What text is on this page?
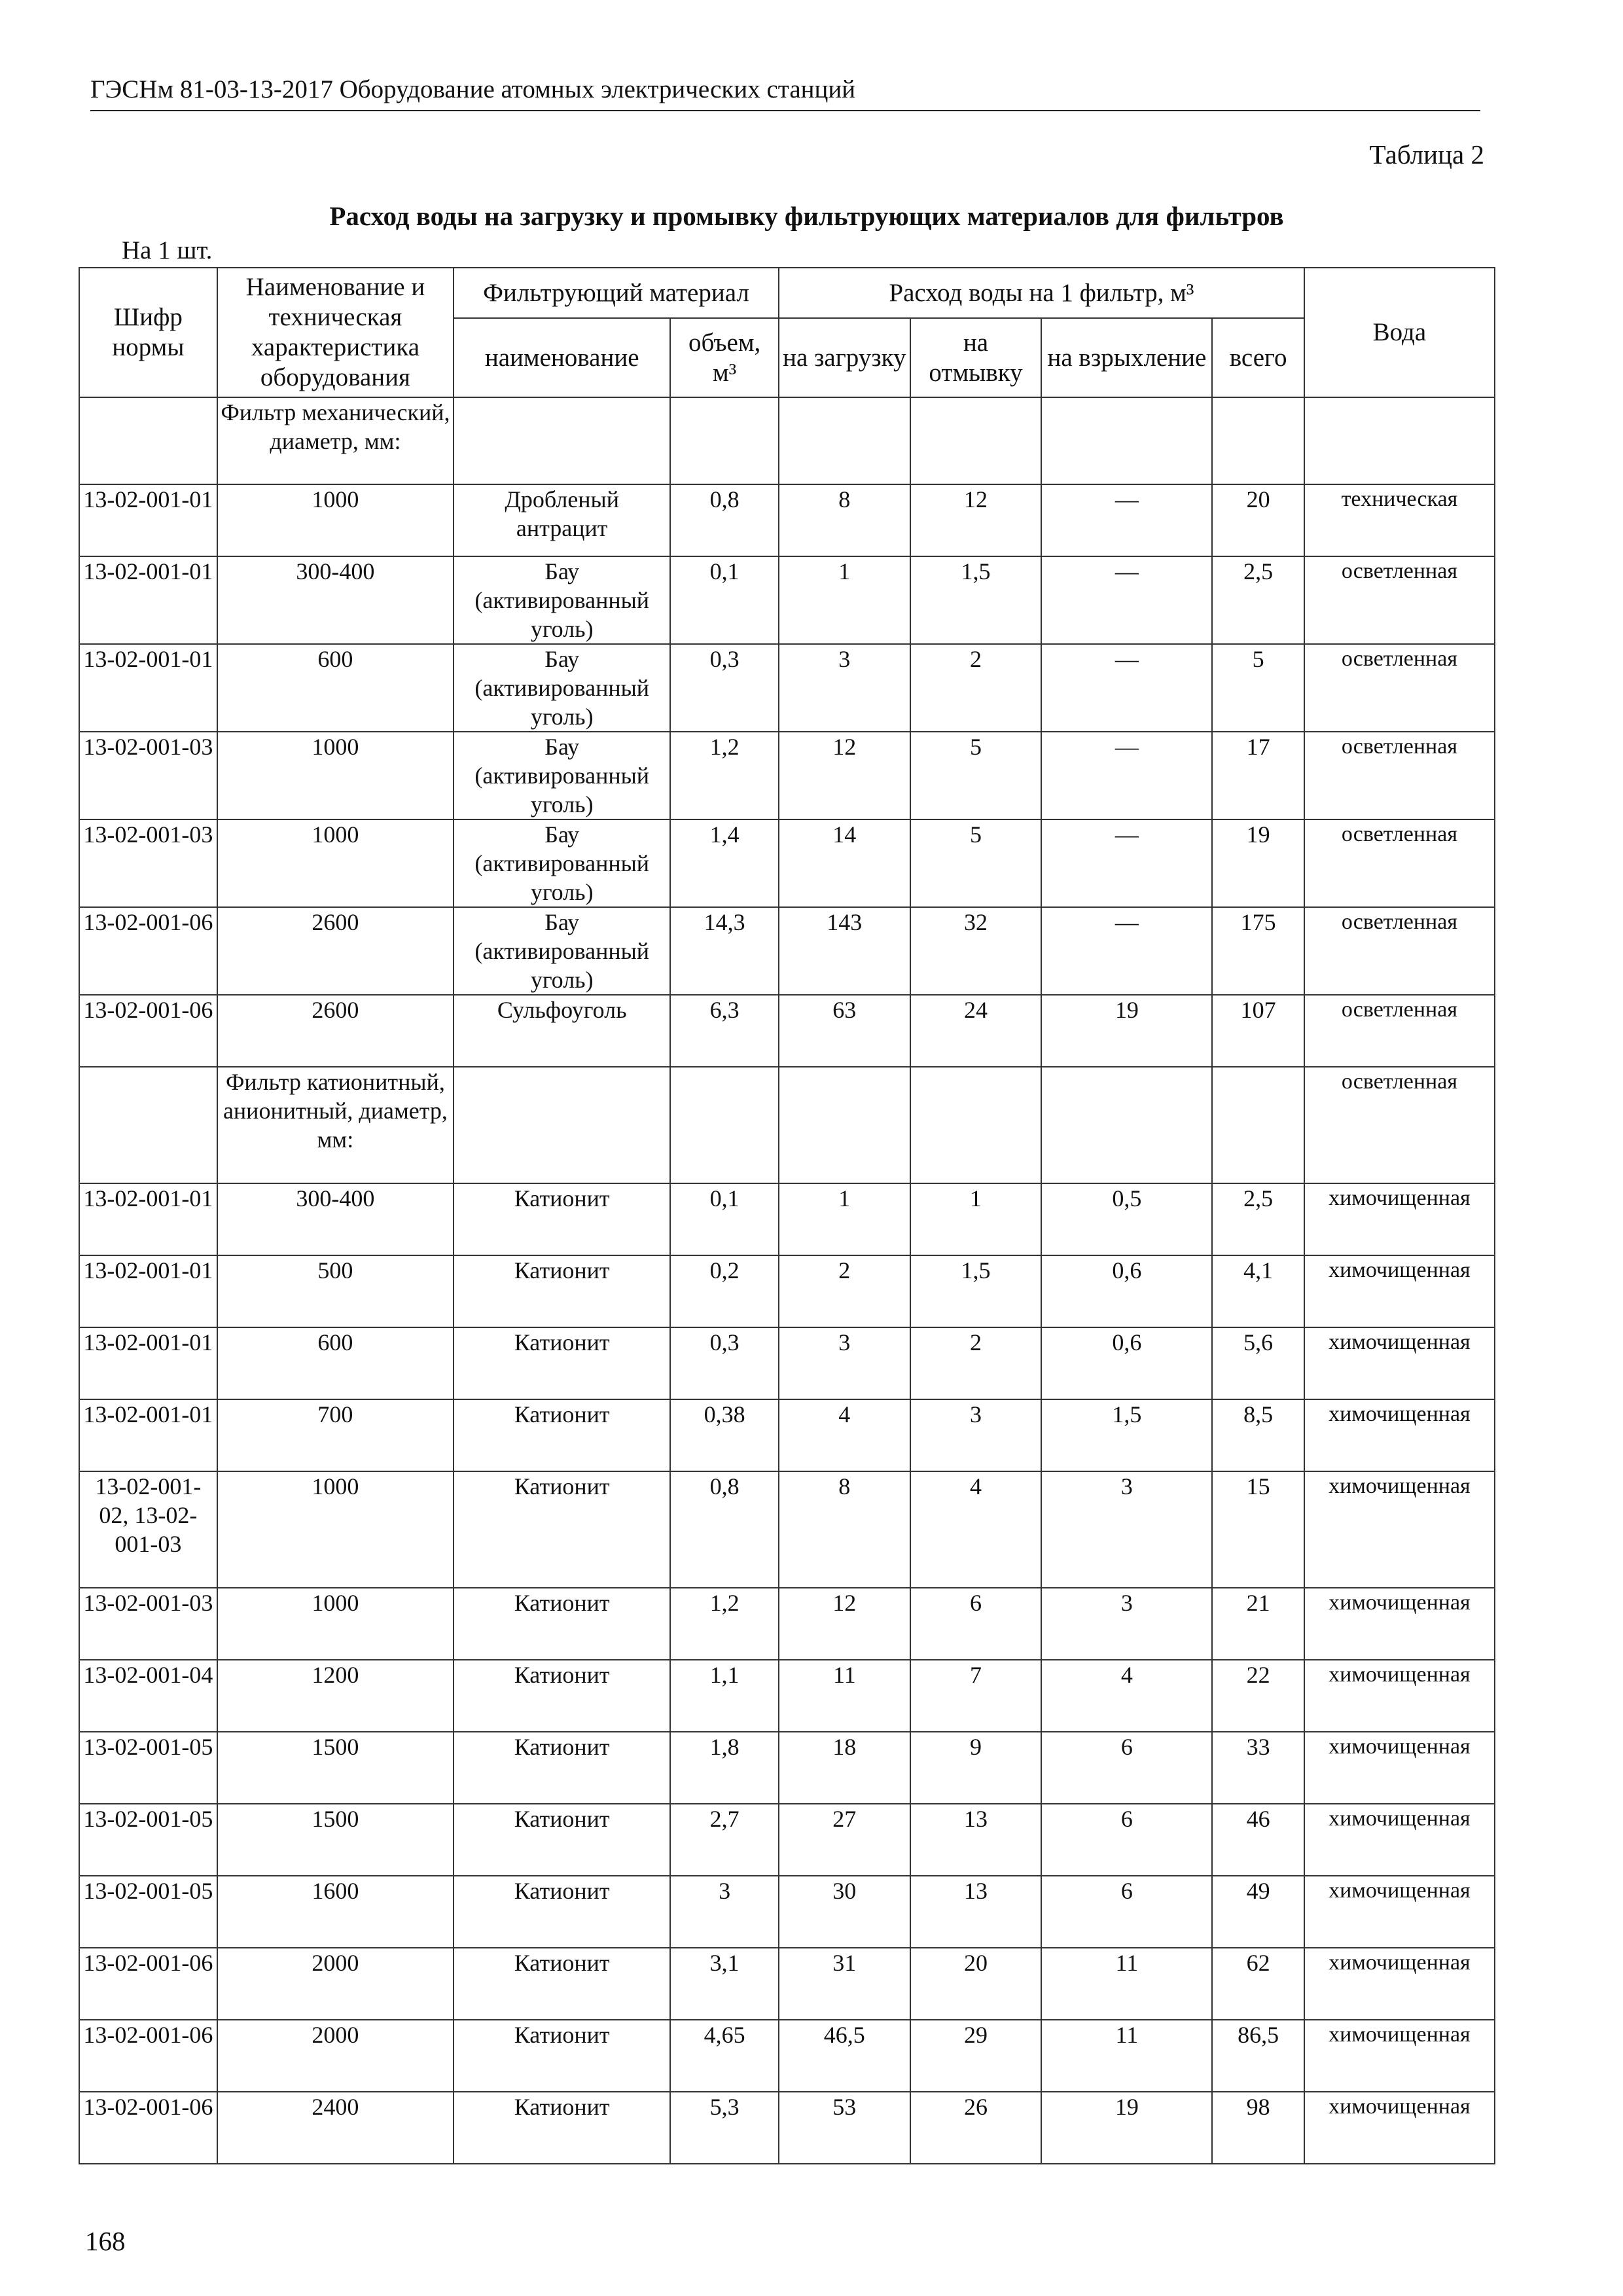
ГЭСНм 81-03-13-2017 Оборудование атомных электрических станций
Таблица 2
Расход воды на загрузку и промывку фильтрующих материалов для фильтров
На 1 шт.
Шифр нормы	Наименование и техническая характеристика оборудования	Фильтрующий материал		Расход воды на 1 фильтр, м³				Вода
		наименование	объем, м³	на загрузку	на отмывку	на взрыхление	всего	
	Фильтр механический, диаметр, мм:							
13-02-001-01	1000	Дробленый антрацит	0,8	8	12	—	20	техническая
13-02-001-01	300-400	Бау (активированный уголь)	0,1	1	1,5	—	2,5	осветленная
13-02-001-01	600	Бау (активированный уголь)	0,3	3	2	—	5	осветленная
13-02-001-03	1000	Бау (активированный уголь)	1,2	12	5	—	17	осветленная
13-02-001-03	1000	Бау (активированный уголь)	1,4	14	5	—	19	осветленная
13-02-001-06	2600	Бау (активированный уголь)	14,3	143	32	—	175	осветленная
13-02-001-06	2600	Сульфоуголь	6,3	63	24	19	107	осветленная
	Фильтр катионитный, анионитный, диаметр, мм:							осветленная
13-02-001-01	300-400	Катионит	0,1	1	1	0,5	2,5	химочищенная
13-02-001-01	500	Катионит	0,2	2	1,5	0,6	4,1	химочищенная
13-02-001-01	600	Катионит	0,3	3	2	0,6	5,6	химочищенная
13-02-001-01	700	Катионит	0,38	4	3	1,5	8,5	химочищенная
13-02-001-02, 13-02-001-03	1000	Катионит	0,8	8	4	3	15	химочищенная
13-02-001-03	1000	Катионит	1,2	12	6	3	21	химочищенная
13-02-001-04	1200	Катионит	1,1	11	7	4	22	химочищенная
13-02-001-05	1500	Катионит	1,8	18	9	6	33	химочищенная
13-02-001-05	1500	Катионит	2,7	27	13	6	46	химочищенная
13-02-001-05	1600	Катионит	3	30	13	6	49	химочищенная
13-02-001-06	2000	Катионит	3,1	31	20	11	62	химочищенная
13-02-001-06	2000	Катионит	4,65	46,5	29	11	86,5	химочищенная
13-02-001-06	2400	Катионит	5,3	53	26	19	98	химочищенная
168
